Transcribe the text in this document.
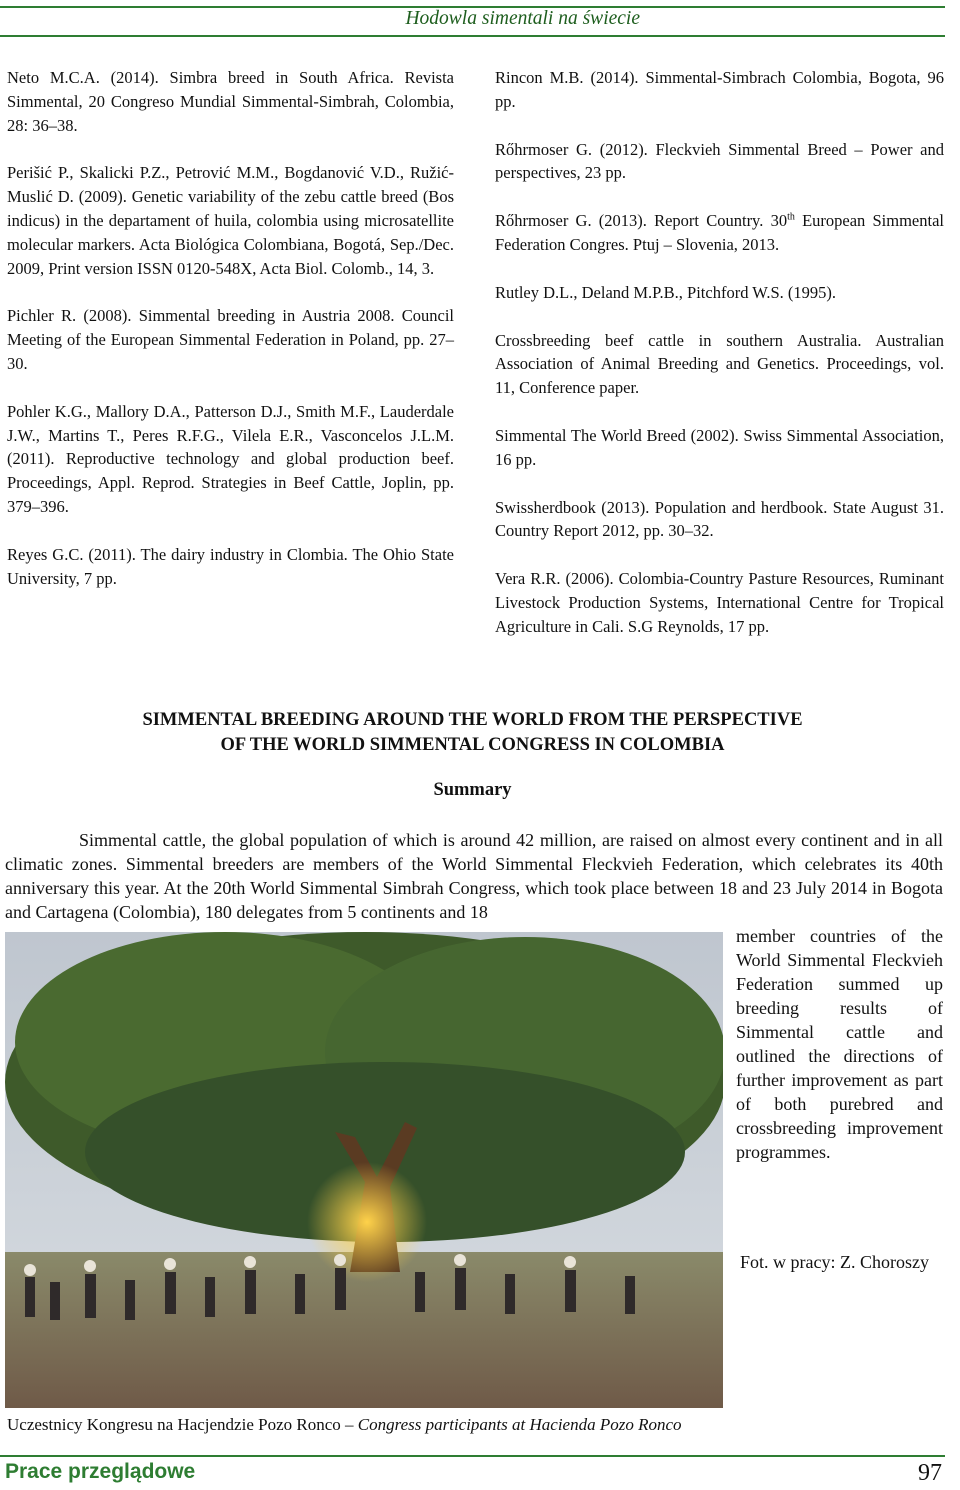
Hodowla simentali na świecie

Neto M.C.A. (2014). Simbra breed in South Africa. Revista Simmental, 20 Congreso Mundial Simmental-Simbrah, Colombia, 28: 36–38.

Perišić P., Skalicki P.Z., Petrović M.M., Bogdanović V.D., Ružić-Muslić D. (2009). Genetic variability of the zebu cattle breed (Bos indicus) in the departament of huila, colombia using microsatellite molecular markers. Acta Biológica Colombiana, Bogotá, Sep./Dec. 2009, Print version ISSN 0120-548X, Acta Biol. Colomb., 14, 3.

Pichler R. (2008). Simmental breeding in Austria 2008. Council Meeting of the European Simmental Federation in Poland, pp. 27–30.

Pohler K.G., Mallory D.A., Patterson D.J., Smith M.F., Lauderdale J.W., Martins T., Peres R.F.G., Vilela E.R., Vasconcelos J.L.M. (2011). Reproductive technology and global production beef. Proceedings, Appl. Reprod. Strategies in Beef Cattle, Joplin, pp. 379–396.

Reyes G.C. (2011). The dairy industry in Clombia. The Ohio State University, 7 pp.

Rincon M.B. (2014). Simmental-Simbrach Colombia, Bogota, 96 pp.

Rőhrmoser G. (2012). Fleckvieh Simmental Breed – Power and perspectives, 23 pp.

Rőhrmoser G. (2013). Report Country. 30th European Simmental Federation Congres. Ptuj – Slovenia, 2013.

Rutley D.L., Deland M.P.B., Pitchford W.S. (1995).

Crossbreeding beef cattle in southern Australia. Australian Association of Animal Breeding and Genetics. Proceedings, vol. 11, Conference paper.

Simmental The World Breed (2002). Swiss Simmental Association, 16 pp.

Swissherdbook (2013). Population and herdbook. State August 31. Country Report 2012, pp. 30–32.

Vera R.R. (2006). Colombia-Country Pasture Resources, Ruminant Livestock Production Systems, International Centre for Tropical Agriculture in Cali. S.G Reynolds, 17 pp.

SIMMENTAL BREEDING AROUND THE WORLD FROM THE PERSPECTIVE
OF THE WORLD SIMMENTAL CONGRESS IN COLOMBIA
Summary

Simmental cattle, the global population of which is around 42 million, are raised on almost every continent and in all climatic zones. Simmental breeders are members of the World Simmental Fleckvieh Federation, which celebrates its 40th anniversary this year. At the 20th World Simmental Simbrah Congress, which took place between 18 and 23 July 2014 in Bogota and Cartagena (Colombia), 180 delegates from 5 continents and 18

member countries of the World Simmental Fleckvieh Federation summed up breeding results of Simmental cattle and outlined the directions of further improvement as part of both purebred and crossbreeding improvement programmes.

Fot. w pracy: Z. Choroszy
Uczestnicy Kongresu na Hacjendzie Pozo Ronco – Congress participants at Hacienda Pozo Ronco
Prace przeglądowe	97
